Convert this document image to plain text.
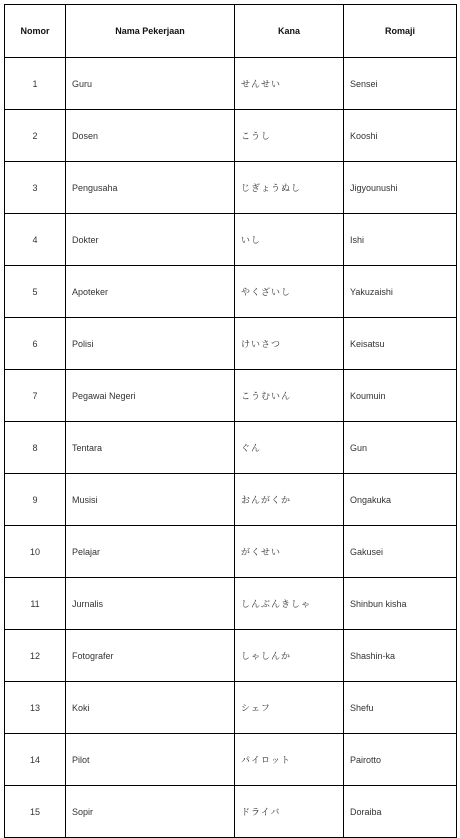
Nomor	Nama Pekerjaan	Kana	Romaji
1	Guru	せんせい	Sensei
2	Dosen	こうし	Kooshi
3	Pengusaha	じぎょうぬし	Jigyounushi
4	Dokter	いし	Ishi
5	Apoteker	やくざいし	Yakuzaishi
6	Polisi	けいさつ	Keisatsu
7	Pegawai Negeri	こうむいん	Koumuin
8	Tentara	ぐん	Gun
9	Musisi	おんがくか	Ongakuka
10	Pelajar	がくせい	Gakusei
11	Jurnalis	しんぶんきしゃ	Shinbun kisha
12	Fotografer	しゃしんか	Shashin-ka
13	Koki	シェフ	Shefu
14	Pilot	パイロット	Pairotto
15	Sopir	ドライバ	Doraiba
